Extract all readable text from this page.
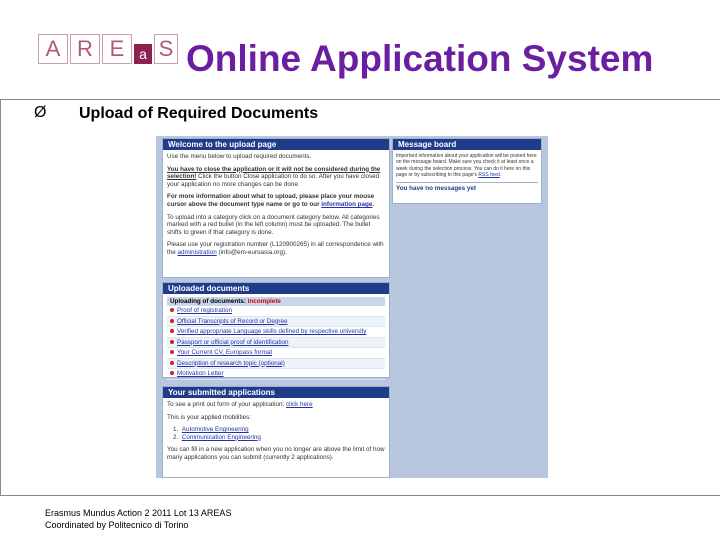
A R E	a S Online Application System
Ø Upload of Required Documents
Welcome to the upload page

Use the menu below to upload required documents.

You have to close the application or it will not be considered during the selection! Click the button Close application to do so. After you have closed your application no more changes can be done.

For more information about what to upload, please place your mouse cursor above the document type name or go to our information page.

To upload into a category click on a document category below. All categories marked with a red bullet (in the left column) must be uploaded. The bullet shifts to green if that category is done.

Please use your registration number (L120900265) in all correspondence with the administration (info@em-euroasia.org).

Message board
Important information about your application will be posted here on the message board. Make sure you check it at least once a week during the selection process. You can do it here on this page or by subscribing to this page's RSS feed.
You have no messages yet
Uploaded documents
Uploading of documents: incomplete
Proof of registration
Official Transcripts of Record or Degree
Verified appropriate Language skills defined by respective university
Passport or official proof of identification
Your Current CV, Europass format
Description of research topic (optional)
Motivation Letter
Your submitted applications

To see a print out form of your application: click here

This is your applied mobilities:

1. Automotive Engineering
2. Communication Engineering

You can fill in a new application when you no longer are above the limit of how many applications you can submit (currently 2 applications).

Erasmus Mundus Action 2 2011 Lot 13 AREAS
Coordinated by Politecnico di Torino
